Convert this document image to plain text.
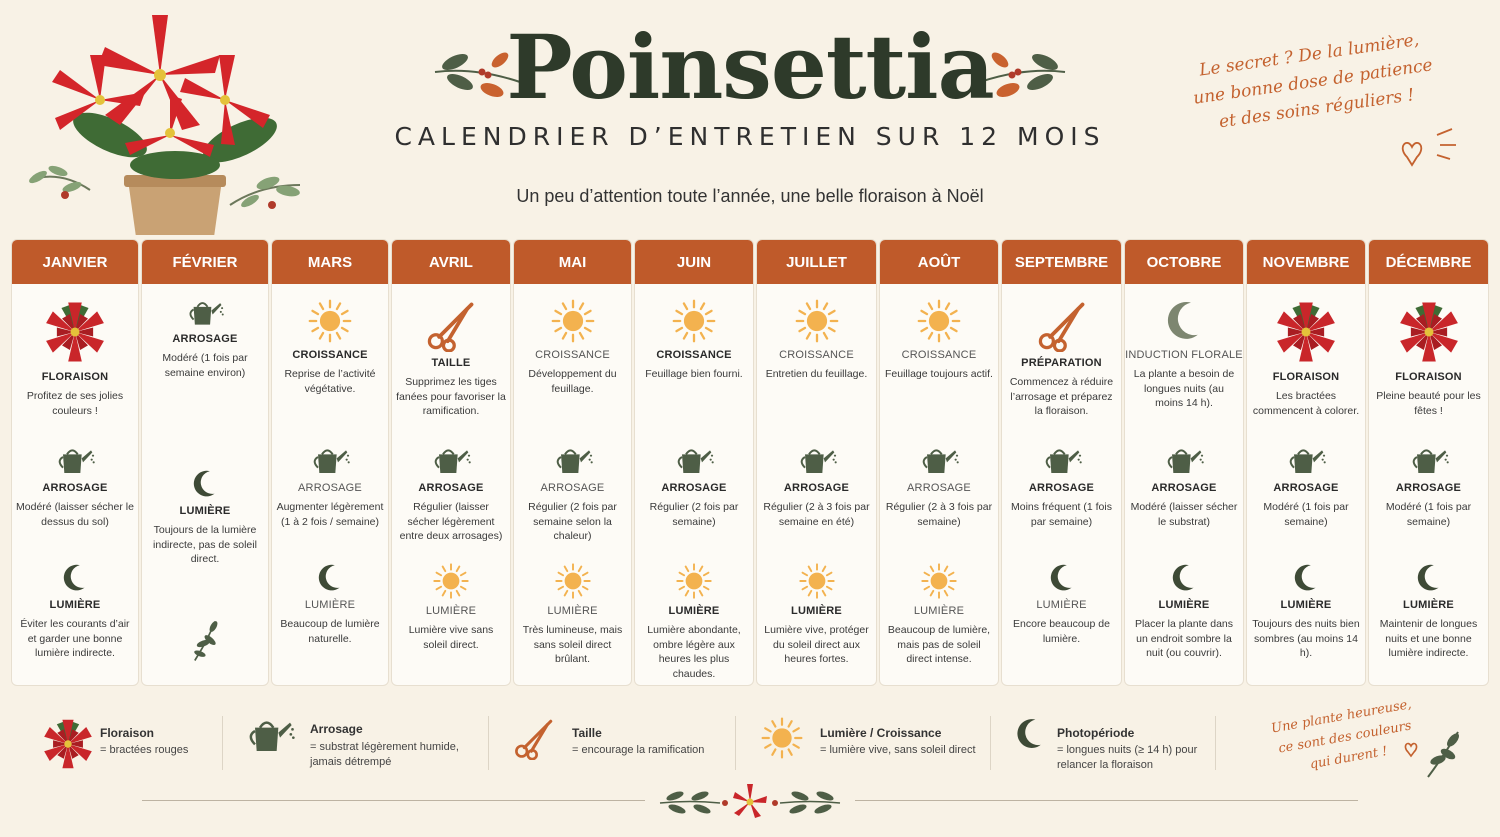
Poinsettia
CALENDRIER D’ENTRETIEN SUR 12 MOIS
Un peu d’attention toute l’année, une belle floraison à Noël
Le secret ? De la lumière, une bonne dose de patience et des soins réguliers !
JANVIER
FLORAISON
Profitez de ses jolies couleurs !
ARROSAGE
Modéré (laisser sécher le dessus du sol)
LUMIÈRE
Éviter les courants d’air et garder une bonne lumière indirecte.
FÉVRIER
ARROSAGE
Modéré (1 fois par semaine environ)
LUMIÈRE
Toujours de la lumière indirecte, pas de soleil direct.
MARS
CROISSANCE
Reprise de l’activité végétative.
ARROSAGE
Augmenter légèrement (1 à 2 fois / semaine)
LUMIÈRE
Beaucoup de lumière naturelle.
AVRIL
TAILLE
Supprimez les tiges fanées pour favoriser la ramification.
ARROSAGE
Régulier (laisser sécher légèrement entre deux arrosages)
LUMIÈRE
Lumière vive sans soleil direct.
MAI
CROISSANCE
Développement du feuillage.
ARROSAGE
Régulier (2 fois par semaine selon la chaleur)
LUMIÈRE
Très lumineuse, mais sans soleil direct brûlant.
JUIN
CROISSANCE
Feuillage bien fourni.
ARROSAGE
Régulier (2 fois par semaine)
LUMIÈRE
Lumière abondante, ombre légère aux heures les plus chaudes.
JUILLET
CROISSANCE
Entretien du feuillage.
ARROSAGE
Régulier (2 à 3 fois par semaine en été)
LUMIÈRE
Lumière vive, protéger du soleil direct aux heures fortes.
AOÛT
CROISSANCE
Feuillage toujours actif.
ARROSAGE
Régulier (2 à 3 fois par semaine)
LUMIÈRE
Beaucoup de lumière, mais pas de soleil direct intense.
SEPTEMBRE
PRÉPARATION
Commencez à réduire l’arrosage et préparez la floraison.
ARROSAGE
Moins fréquent (1 fois par semaine)
LUMIÈRE
Encore beaucoup de lumière.
OCTOBRE
INDUCTION FLORALE
La plante a besoin de longues nuits (au moins 14 h).
ARROSAGE
Modéré (laisser sécher le substrat)
LUMIÈRE
Placer la plante dans un endroit sombre la nuit (ou couvrir).
NOVEMBRE
FLORAISON
Les bractées commencent à colorer.
ARROSAGE
Modéré (1 fois par semaine)
LUMIÈRE
Toujours des nuits bien sombres (au moins 14 h).
DÉCEMBRE
FLORAISON
Pleine beauté pour les fêtes !
ARROSAGE
Modéré (1 fois par semaine)
LUMIÈRE
Maintenir de longues nuits et une bonne lumière indirecte.
Floraison
= bractées rouges
Arrosage
= substrat légèrement humide, jamais détrempé
Taille
= encourage la ramification
Lumière / Croissance
= lumière vive, sans soleil direct
Photopériode
= longues nuits (≥ 14 h) pour relancer la floraison
Une plante heureuse, ce sont des couleurs qui durent !
